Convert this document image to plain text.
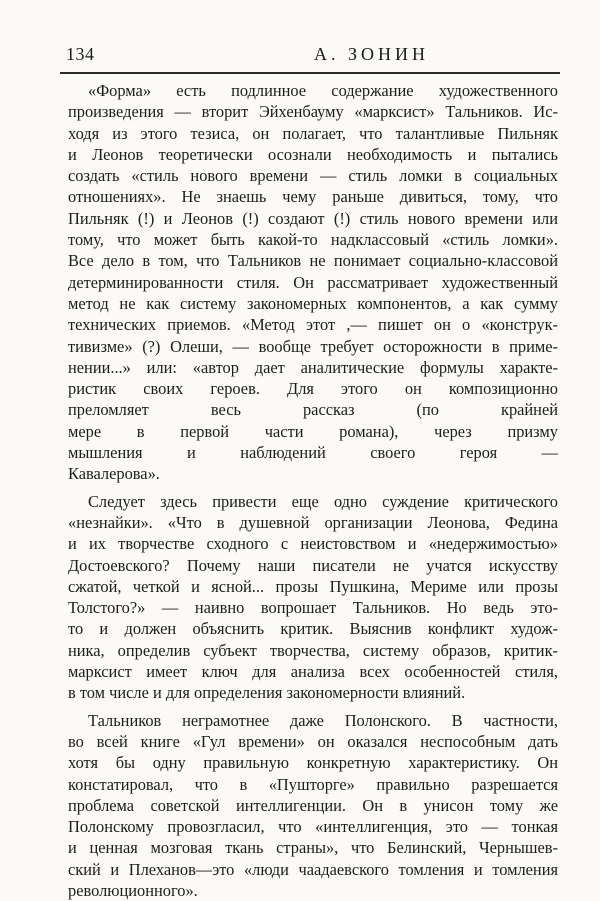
134	А. ЗОНИН
«Форма» есть подлинное содержание художественного
произведения — вторит Эйхенбауму «марксист» Тальников. Ис-
ходя из этого тезиса, он полагает, что талантливые Пильняк
и Леонов теоретически осознали необходимость и пытались
создать «стиль нового времени — стиль ломки в социальных
отношениях». Не знаешь чему раньше дивиться, тому, что
Пильняк (!) и Леонов (!) создают (!) стиль нового времени или
тому, что может быть какой-то надклассовый «стиль ломки».
Все дело в том, что Тальников не понимает социально-классовой
детерминированности стиля. Он рассматривает художественный
метод не как систему закономерных компонентов, а как сумму
технических приемов. «Метод этот ,— пишет он о «конструк-
тивизме» (?) Олеши, — вообще требует осторожности в приме-
нении...» или: «автор дает аналитические формулы характе-
ристик своих героев. Для этого он композиционно
преломляет весь рассказ (по крайней
мере в первой части романа), через призму
мышления и наблюдений своего героя —
Кавалерова».
Следует здесь привести еще одно суждение критического
«незнайки». «Что в душевной организации Леонова, Федина
и их творчестве сходного с неистовством и «недержимостью»
Достоевского? Почему наши писатели не учатся искусству
сжатой, четкой и ясной... прозы Пушкина, Мериме или прозы
Толстого?» — наивно вопрошает Тальников. Но ведь это-
то и должен объяснить критик. Выяснив конфликт худож-
ника, определив субъект творчества, систему образов, критик-
марксист имеет ключ для анализа всех особенностей стиля,
в том числе и для определения закономерности влияний.
Тальников неграмотнее даже Полонского. В частности,
во всей книге «Гул времени» он оказался неспособным дать
хотя бы одну правильную конкретную характеристику. Он
констатировал, что в «Пушторге» правильно разрешается
проблема советской интеллигенции. Он в унисон тому же
Полонскому провозгласил, что «интеллигенция, это — тонкая
и ценная мозговая ткань страны», что Белинский, Чернышев-
ский и Плеханов—это «люди чаадаевского томления и томления
революционного».
